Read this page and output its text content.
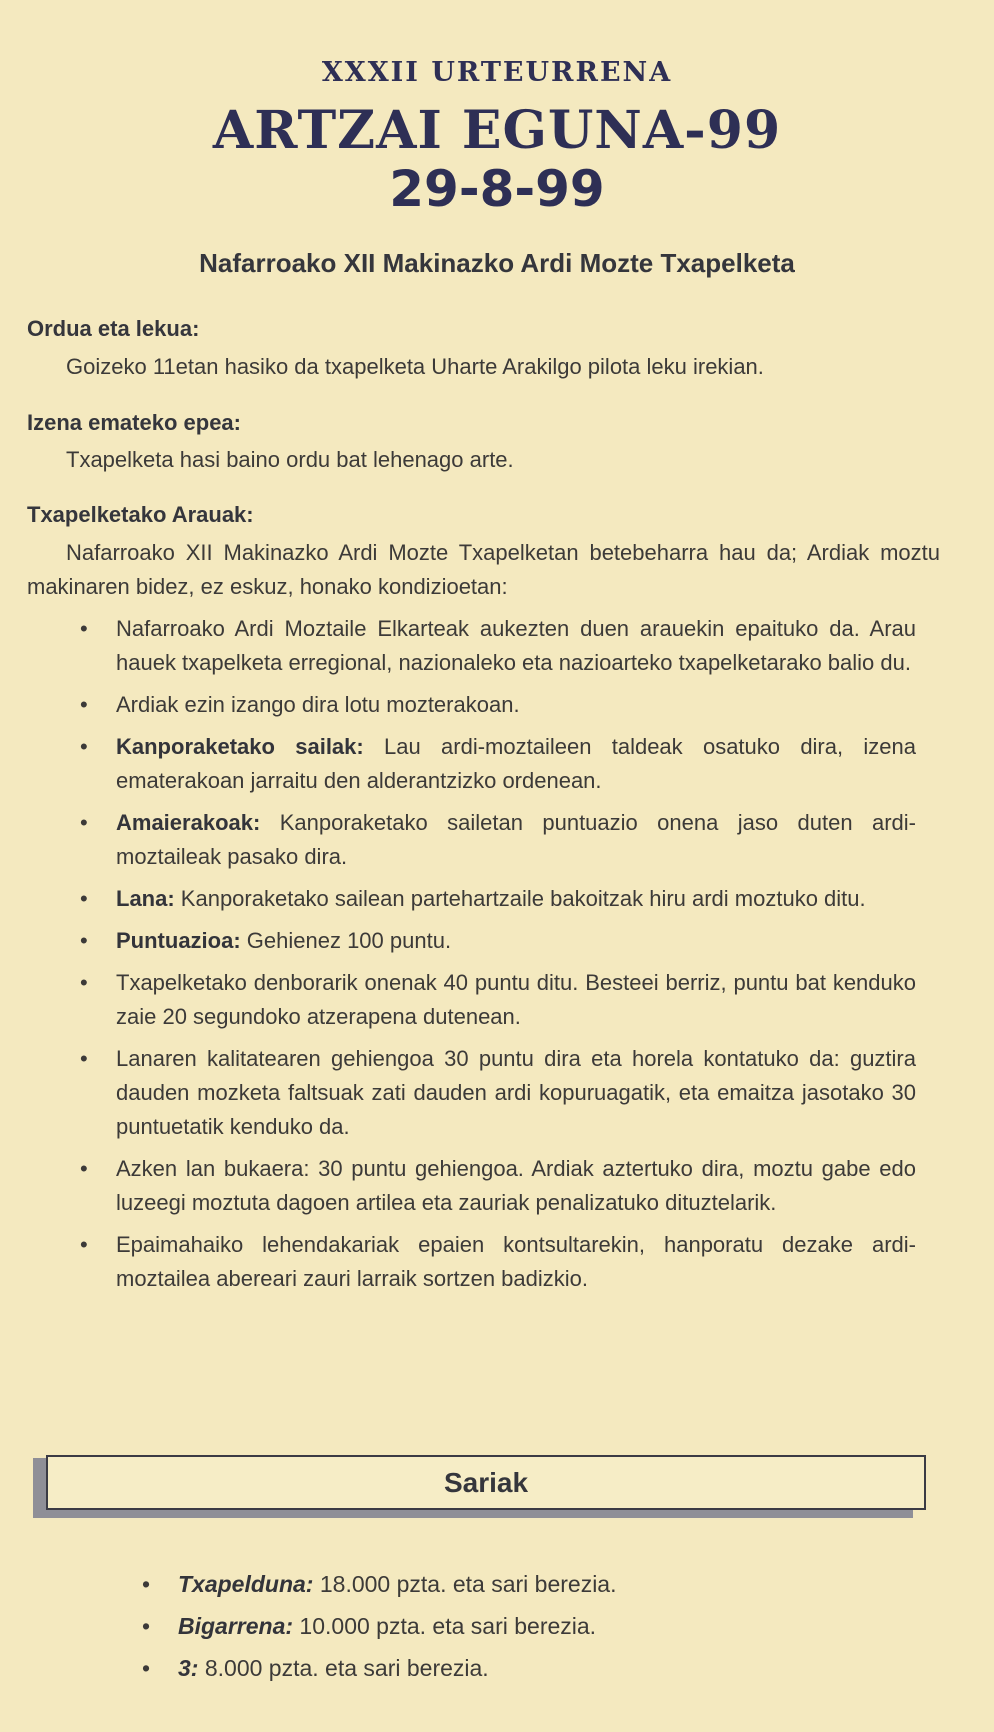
XXXII URTEURRENA
ARTZAI EGUNA-99
29-8-99
Nafarroako XII Makinazko Ardi Mozte Txapelketa
Ordua eta lekua:
Goizeko 11etan hasiko da txapelketa Uharte Arakilgo pilota leku irekian.
Izena emateko epea:
Txapelketa hasi baino ordu bat lehenago arte.
Txapelketako Arauak:
Nafarroako XII Makinazko Ardi Mozte Txapelketan betebeharra hau da; Ardiak moztu makinaren bidez, ez eskuz, honako kondizioetan:
• Nafarroako Ardi Moztaile Elkarteak aukezten duen arauekin epaituko da. Arau hauek txapelketa erregional, nazionaleko eta nazioarteko txapelketarako balio du.
• Ardiak ezin izango dira lotu mozterakoan.
• Kanporaketako sailak: Lau ardi-moztaileen taldeak osatuko dira, izena ematerakoan jarraitu den alderantzizko ordenean.
• Amaierakoak: Kanporaketako sailetan puntuazio onena jaso duten ardi-moztaileak pasako dira.
• Lana: Kanporaketako sailean partehartzaile bakoitzak hiru ardi moztuko ditu.
• Puntuazioa: Gehienez 100 puntu.
• Txapelketako denborarik onenak 40 puntu ditu. Besteei berriz, puntu bat kenduko zaie 20 segundoko atzerapena dutenean.
• Lanaren kalitatearen gehiengoa 30 puntu dira eta horela kontatuko da: guztira dauden mozketa faltsuak zati dauden ardi kopuruagatik, eta emaitza jasotako 30 puntuetatik kenduko da.
• Azken lan bukaera: 30 puntu gehiengoa. Ardiak aztertuko dira, moztu gabe edo luzeegi moztuta dagoen artilea eta zauriak penalizatuko dituztelarik.
• Epaimahaiko lehendakariak epaien kontsultarekin, hanporatu dezake ardi-moztailea abereari zauri larraik sortzen badizkio.
Sariak
• Txapelduna: 18.000 pzta. eta sari berezia.
• Bigarrena: 10.000 pzta. eta sari berezia.
• 3: 8.000 pzta. eta sari berezia.
